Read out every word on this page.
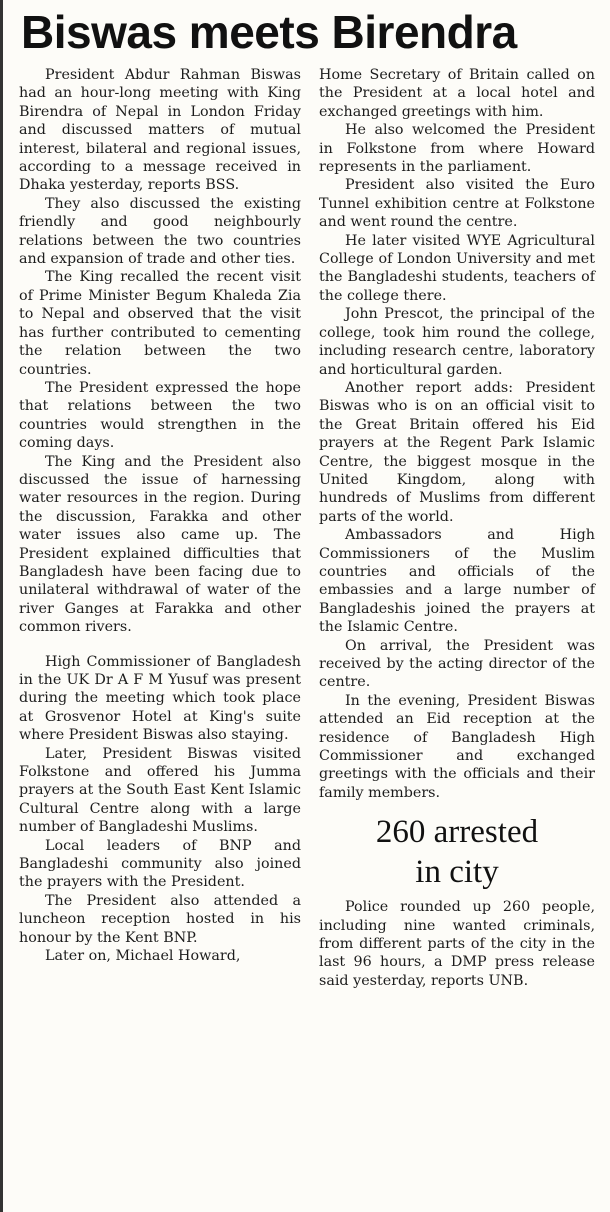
Biswas meets Birendra

President Abdur Rahman Biswas had an hour-long meeting with King Birendra of Nepal in London Friday and discussed matters of mutual interest, bilateral and regional issues, according to a message received in Dhaka yesterday, reports BSS.

They also discussed the existing friendly and good neighbourly relations between the two countries and expansion of trade and other ties.

The King recalled the recent visit of Prime Minister Begum Khaleda Zia to Nepal and observed that the visit has further contributed to cementing the relation between the two countries.

The President expressed the hope that relations between the two countries would strengthen in the coming days.

The King and the President also discussed the issue of harnessing water resources in the region. During the discussion, Farakka and other water issues also came up. The President explained difficulties that Bangladesh have been facing due to unilateral withdrawal of water of the river Ganges at Farakka and other common rivers.

High Commissioner of Bangladesh in the UK Dr A F M Yusuf was present during the meeting which took place at Grosvenor Hotel at King's suite where President Biswas also staying.

Later, President Biswas visited Folkstone and offered his Jumma prayers at the South East Kent Islamic Cultural Centre along with a large number of Bangladeshi Muslims.

Local leaders of BNP and Bangladeshi community also joined the prayers with the President.

The President also attended a luncheon reception hosted in his honour by the Kent BNP.

Later on, Michael Howard,

Home Secretary of Britain called on the President at a local hotel and exchanged greetings with him.

He also welcomed the President in Folkstone from where Howard represents in the parliament.

President also visited the Euro Tunnel exhibition centre at Folkstone and went round the centre.

He later visited WYE Agricultural College of London University and met the Bangladeshi students, teachers of the college there.

John Prescot, the principal of the college, took him round the college, including research centre, laboratory and horticultural garden.

Another report adds: President Biswas who is on an official visit to the Great Britain offered his Eid prayers at the Regent Park Islamic Centre, the biggest mosque in the United Kingdom, along with hundreds of Muslims from different parts of the world.

Ambassadors and High Commissioners of the Muslim countries and officials of the embassies and a large number of Bangladeshis joined the prayers at the Islamic Centre.

On arrival, the President was received by the acting director of the centre.

In the evening, President Biswas attended an Eid reception at the residence of Bangladesh High Commissioner and exchanged greetings with the officials and their family members.

260 arrested
in city

Police rounded up 260 people, including nine wanted criminals, from different parts of the city in the last 96 hours, a DMP press release said yesterday, reports UNB.
